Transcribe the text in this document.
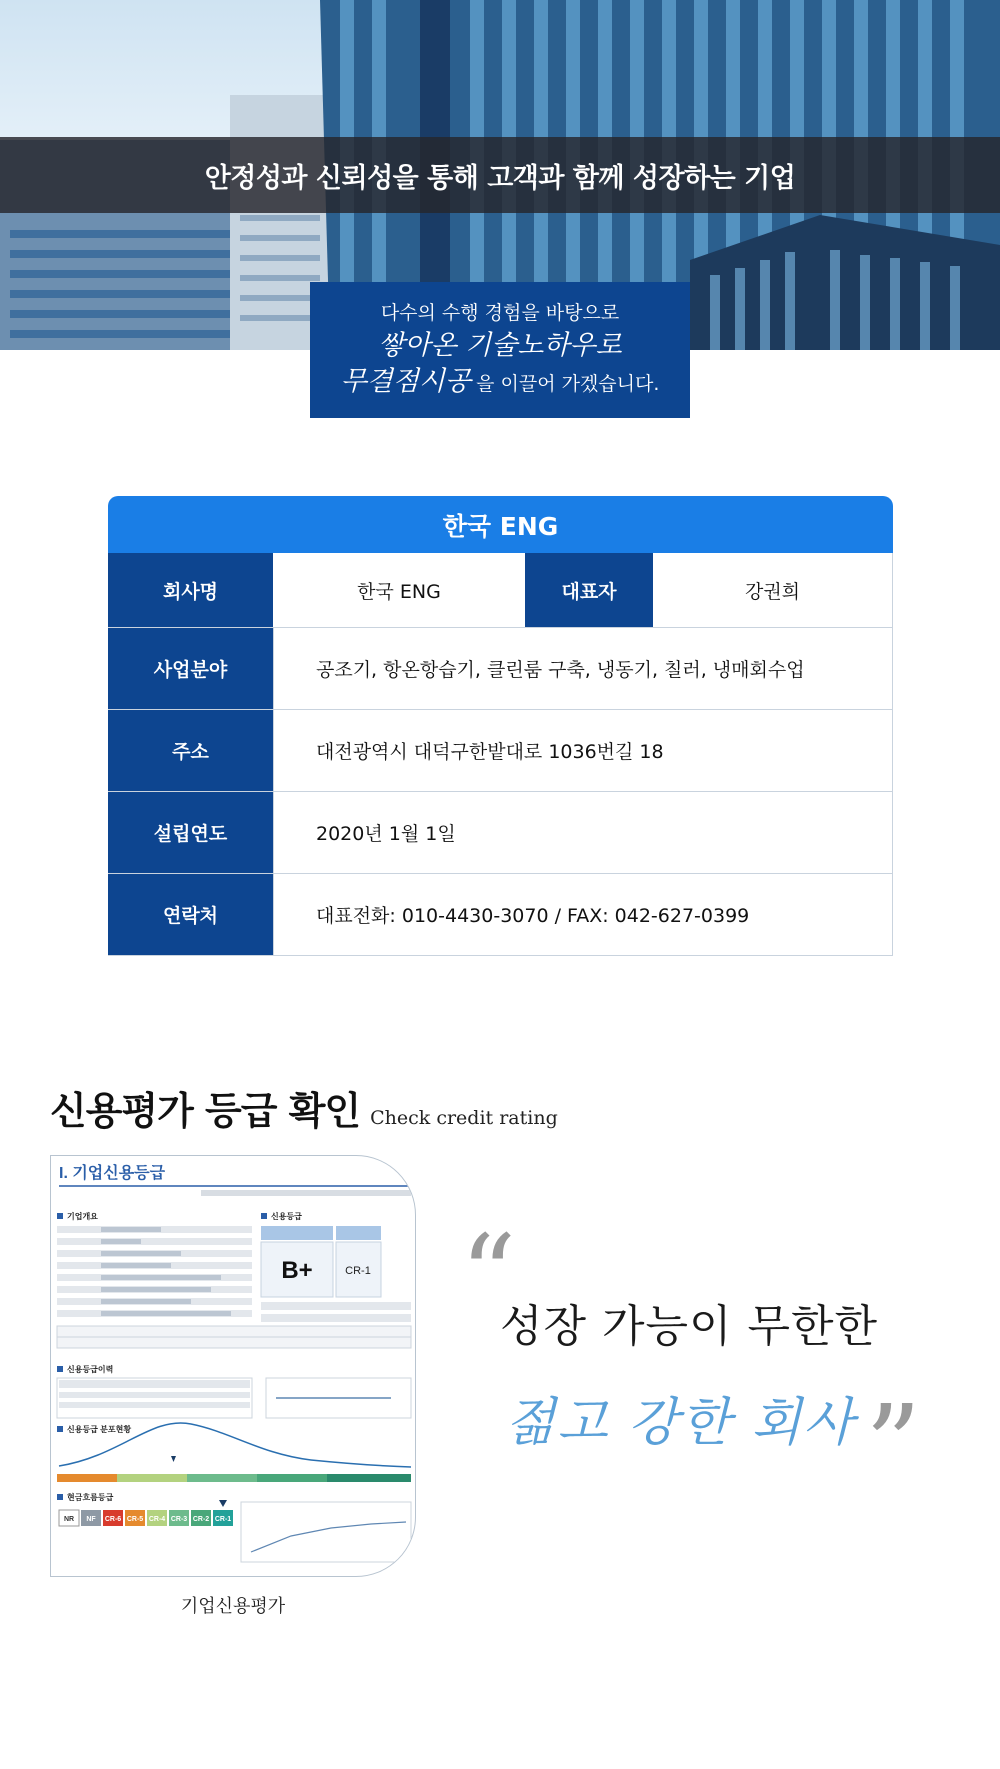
안정성과 신뢰성을 통해 고객과 함께 성장하는 기업
다수의 수행 경험을 바탕으로
쌓아온 기술노하우로
무결점시공 을 이끌어 가겠습니다.
한국 ENG
회사명	한국 ENG	대표자	강권희
사업분야	공조기, 항온항습기, 클린룸 구축, 냉동기, 칠러, 냉매회수업
주소	대전광역시 대덕구한밭대로 1036번길 18
설립연도	2020년 1월 1일
연락처	대표전화: 010-4430-3070 / FAX: 042-627-0399
신용평가 등급 확인 Check credit rating
I. 기업신용등급
기업개요	신용등급
B+	CR-1
신용등급이력
신용등급 분포현황
현금흐름등급
NR NF CR-6 CR-5 CR-4 CR-3 CR-2 CR-1
기업신용평가
“
성장 가능이 무한한
젊고 강한 회사 ”
